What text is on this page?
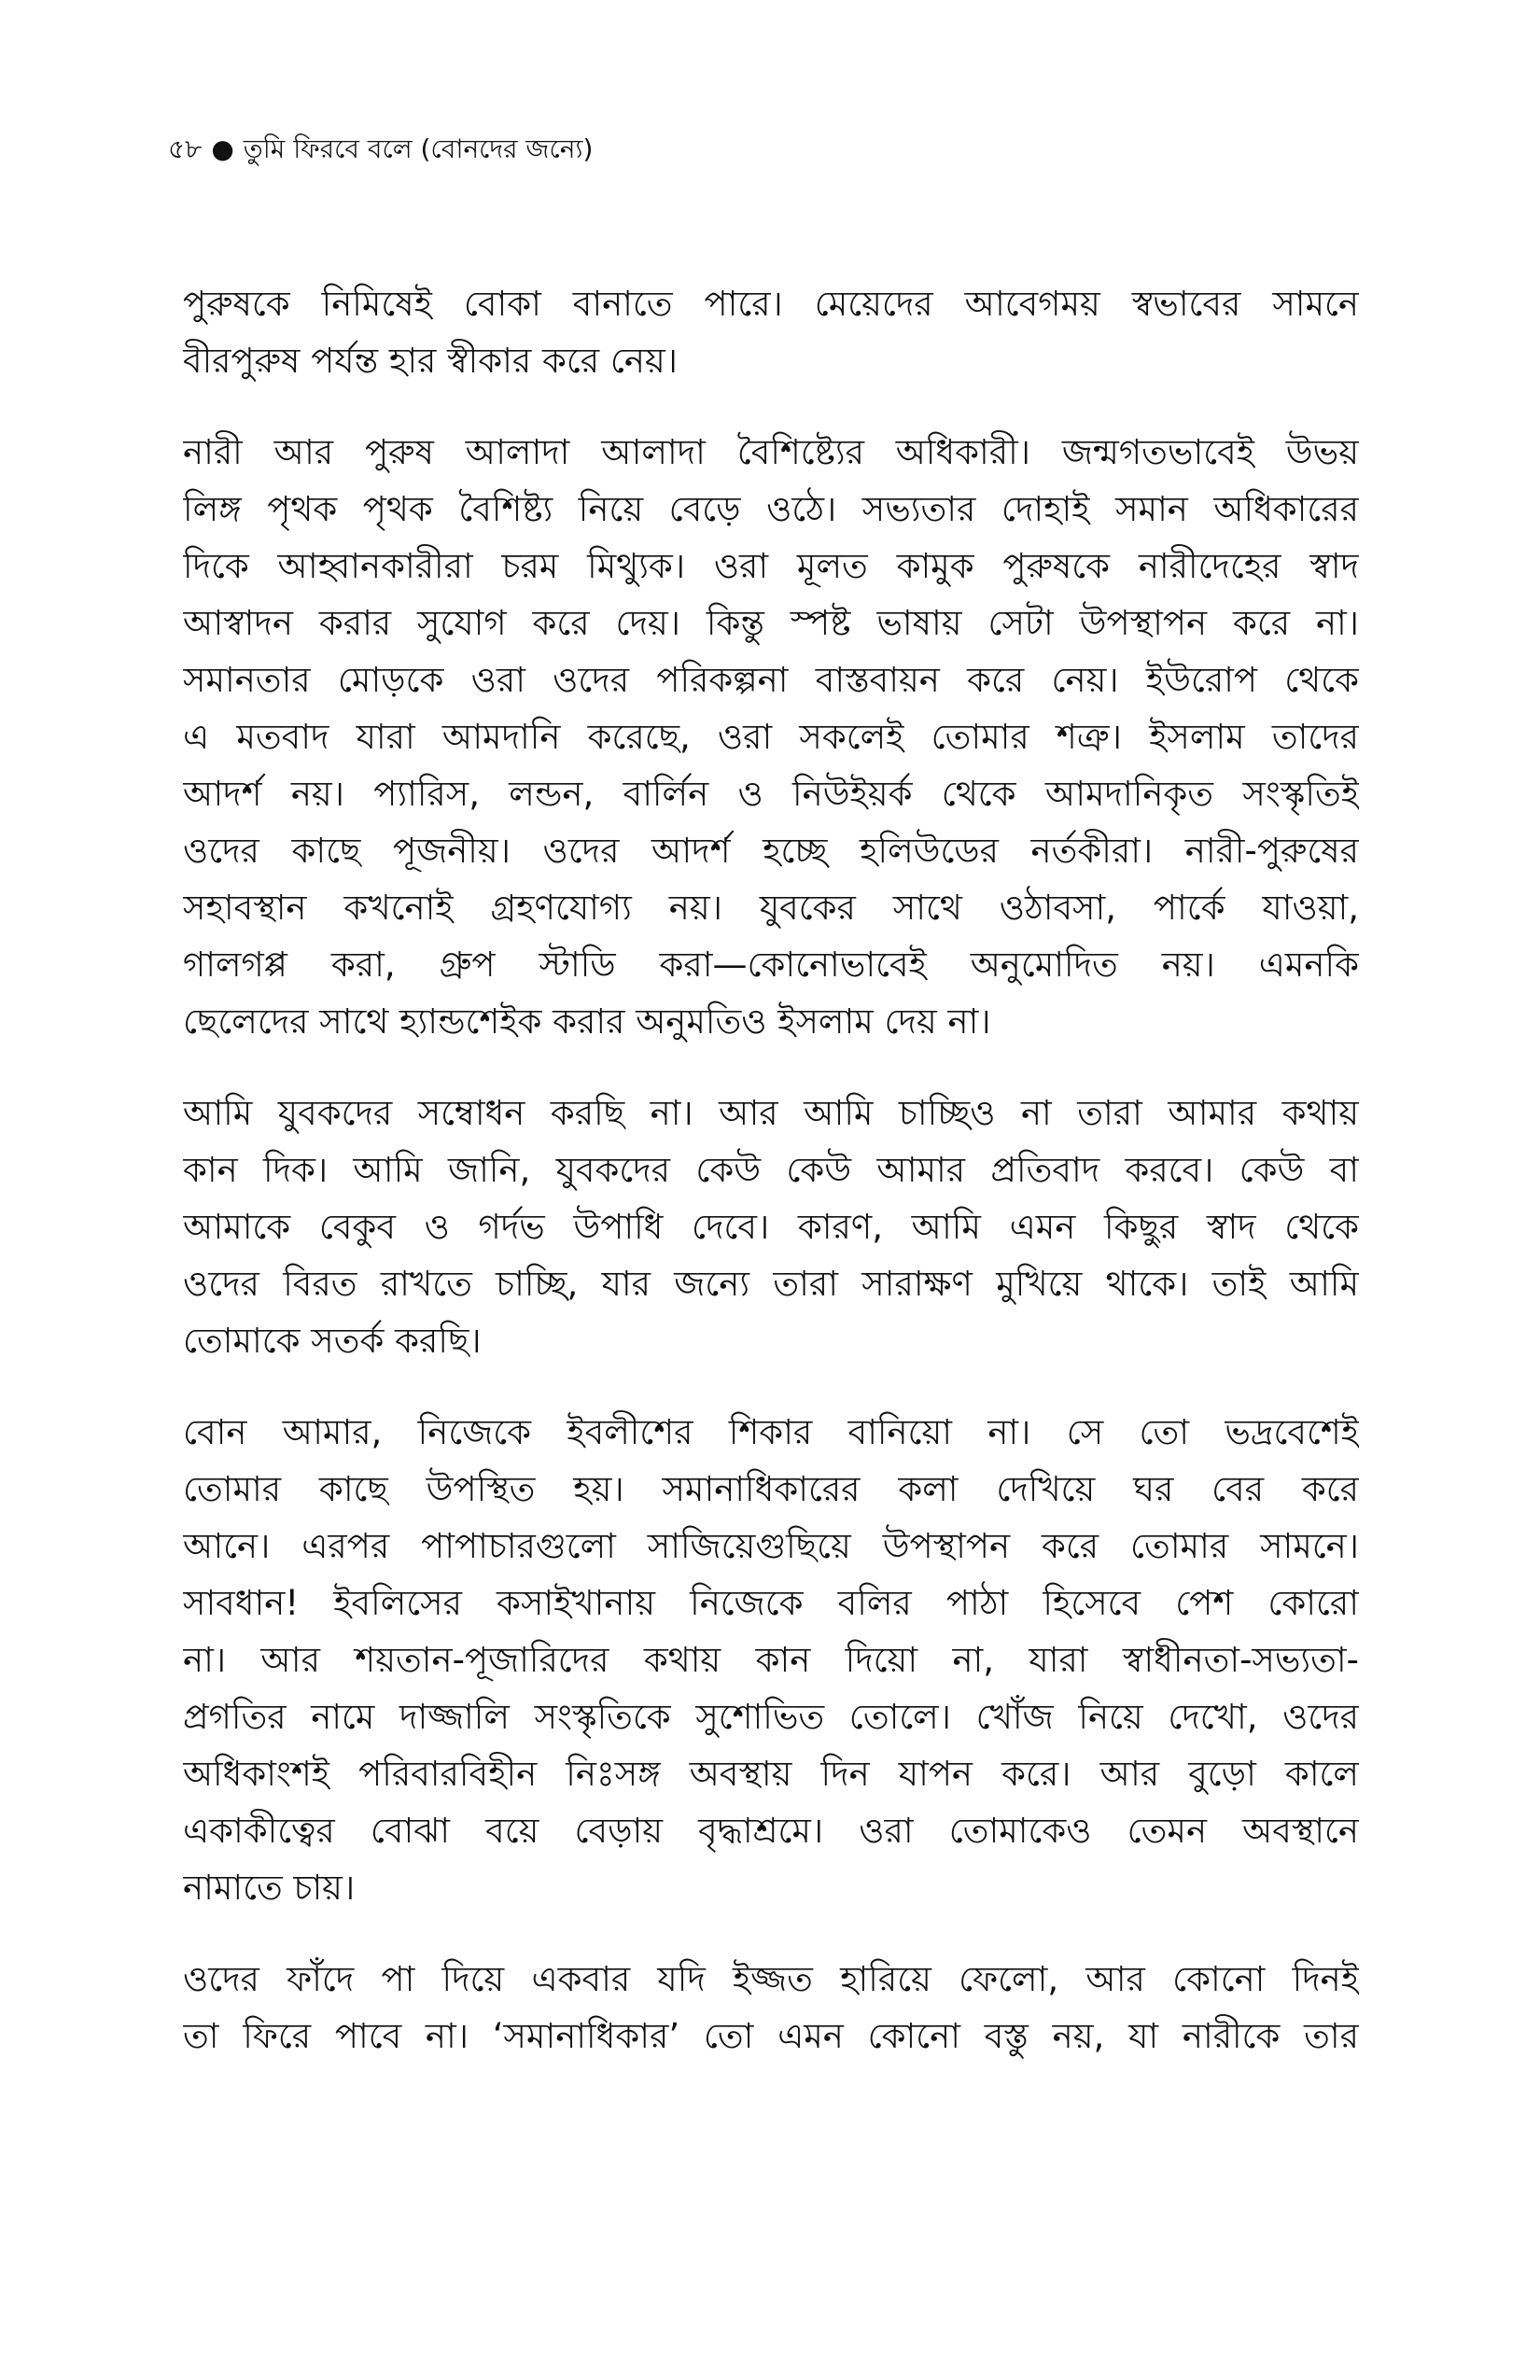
৫৮ ● তুমি ফিরবে বলে (বোনদের জন্যে)
পুরুষকে নিমিষেই বোকা বানাতে পারে। মেয়েদের আবেগময় স্বভাবের সামনে
বীরপুরুষ পর্যন্ত হার স্বীকার করে নেয়।
নারী আর পুরুষ আলাদা আলাদা বৈশিষ্ট্যের অধিকারী। জন্মগতভাবেই উভয়
লিঙ্গ পৃথক পৃথক বৈশিষ্ট্য নিয়ে বেড়ে ওঠে। সভ্যতার দোহাই সমান অধিকারের
দিকে আহ্বানকারীরা চরম মিথ্যুক। ওরা মূলত কামুক পুরুষকে নারীদেহের স্বাদ
আস্বাদন করার সুযোগ করে দেয়। কিন্তু স্পষ্ট ভাষায় সেটা উপস্থাপন করে না।
সমানতার মোড়কে ওরা ওদের পরিকল্পনা বাস্তবায়ন করে নেয়। ইউরোপ থেকে
এ মতবাদ যারা আমদানি করেছে, ওরা সকলেই তোমার শত্রু। ইসলাম তাদের
আদর্শ নয়। প্যারিস, লন্ডন, বার্লিন ও নিউইয়র্ক থেকে আমদানিকৃত সংস্কৃতিই
ওদের কাছে পূজনীয়। ওদের আদর্শ হচ্ছে হলিউডের নর্তকীরা। নারী-পুরুষের
সহাবস্থান কখনোই গ্রহণযোগ্য নয়। যুবকের সাথে ওঠাবসা, পার্কে যাওয়া,
গালগপ্প করা, গ্রুপ স্টাডি করা—কোনোভাবেই অনুমোদিত নয়। এমনকি
ছেলেদের সাথে হ্যান্ডশেইক করার অনুমতিও ইসলাম দেয় না।
আমি যুবকদের সম্বোধন করছি না। আর আমি চাচ্ছিও না তারা আমার কথায়
কান দিক। আমি জানি, যুবকদের কেউ কেউ আমার প্রতিবাদ করবে। কেউ বা
আমাকে বেকুব ও গর্দভ উপাধি দেবে। কারণ, আমি এমন কিছুর স্বাদ থেকে
ওদের বিরত রাখতে চাচ্ছি, যার জন্যে তারা সারাক্ষণ মুখিয়ে থাকে। তাই আমি
তোমাকে সতর্ক করছি।
বোন আমার, নিজেকে ইবলীশের শিকার বানিয়ো না। সে তো ভদ্রবেশেই
তোমার কাছে উপস্থিত হয়। সমানাধিকারের কলা দেখিয়ে ঘর বের করে
আনে। এরপর পাপাচারগুলো সাজিয়েগুছিয়ে উপস্থাপন করে তোমার সামনে।
সাবধান! ইবলিসের কসাইখানায় নিজেকে বলির পাঠা হিসেবে পেশ কোরো
না। আর শয়তান-পূজারিদের কথায় কান দিয়ো না, যারা স্বাধীনতা-সভ্যতা-
প্রগতির নামে দাজ্জালি সংস্কৃতিকে সুশোভিত তোলে। খোঁজ নিয়ে দেখো, ওদের
অধিকাংশই পরিবারবিহীন নিঃসঙ্গ অবস্থায় দিন যাপন করে। আর বুড়ো কালে
একাকীত্বের বোঝা বয়ে বেড়ায় বৃদ্ধাশ্রমে। ওরা তোমাকেও তেমন অবস্থানে
নামাতে চায়।
ওদের ফাঁদে পা দিয়ে একবার যদি ইজ্জত হারিয়ে ফেলো, আর কোনো দিনই
তা ফিরে পাবে না। ‘সমানাধিকার’ তো এমন কোনো বস্তু নয়, যা নারীকে তার
